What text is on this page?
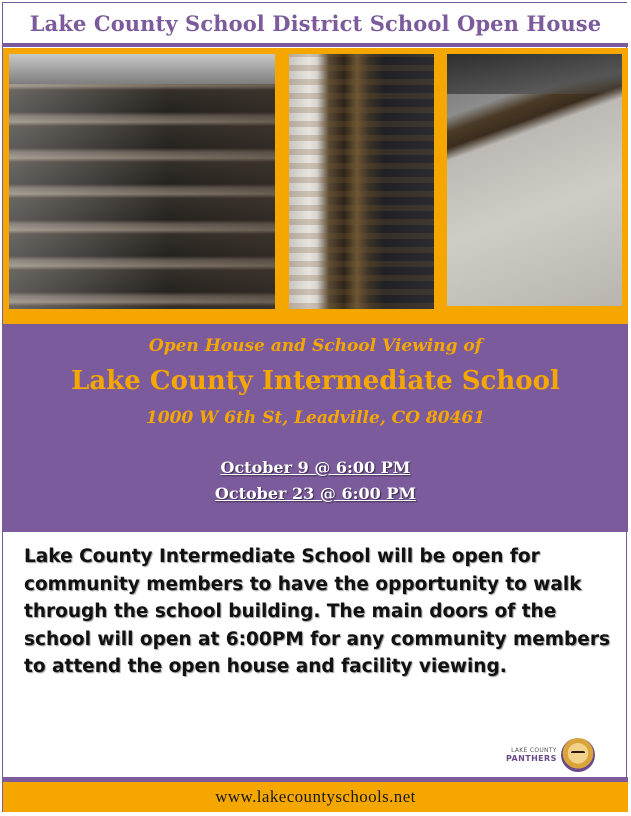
Lake County School District School Open House
Open House and School Viewing of
Lake County Intermediate School
1000 W 6th St, Leadville, CO 80461
October 9 @ 6:00 PM
October 23 @ 6:00 PM
Lake County Intermediate School will be open for community members to have the opportunity to walk through the school building. The main doors of the school will open at 6:00PM for any community members to attend the open house and facility viewing.
LAKE COUNTY
PANTHERS
www.lakecountyschools.net
